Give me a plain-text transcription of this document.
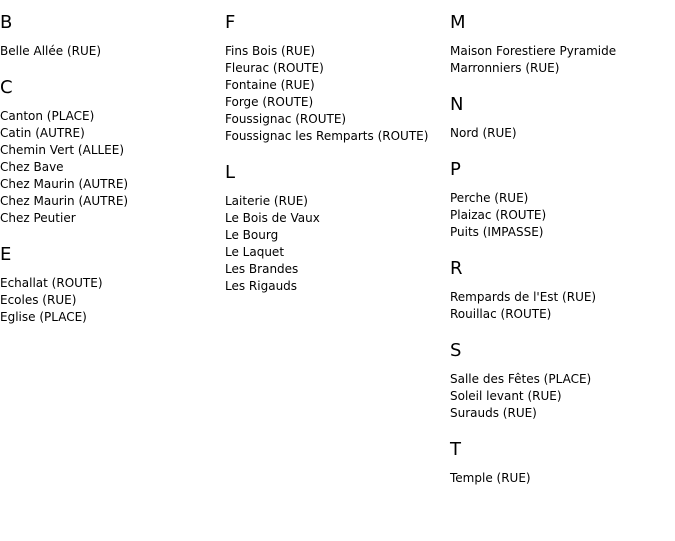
B
Belle Allée (RUE)
C
Canton (PLACE)
Catin (AUTRE)
Chemin Vert (ALLEE)
Chez Bave
Chez Maurin (AUTRE)
Chez Maurin (AUTRE)
Chez Peutier
E
Echallat (ROUTE)
Ecoles (RUE)
Eglise (PLACE)
F
Fins Bois (RUE)
Fleurac (ROUTE)
Fontaine (RUE)
Forge (ROUTE)
Foussignac (ROUTE)
Foussignac les Remparts (ROUTE)
L
Laiterie (RUE)
Le Bois de Vaux
Le Bourg
Le Laquet
Les Brandes
Les Rigauds
M
Maison Forestiere Pyramide
Marronniers (RUE)
N
Nord (RUE)
P
Perche (RUE)
Plaizac (ROUTE)
Puits (IMPASSE)
R
Rempards de l'Est (RUE)
Rouillac (ROUTE)
S
Salle des Fêtes (PLACE)
Soleil levant (RUE)
Surauds (RUE)
T
Temple (RUE)
